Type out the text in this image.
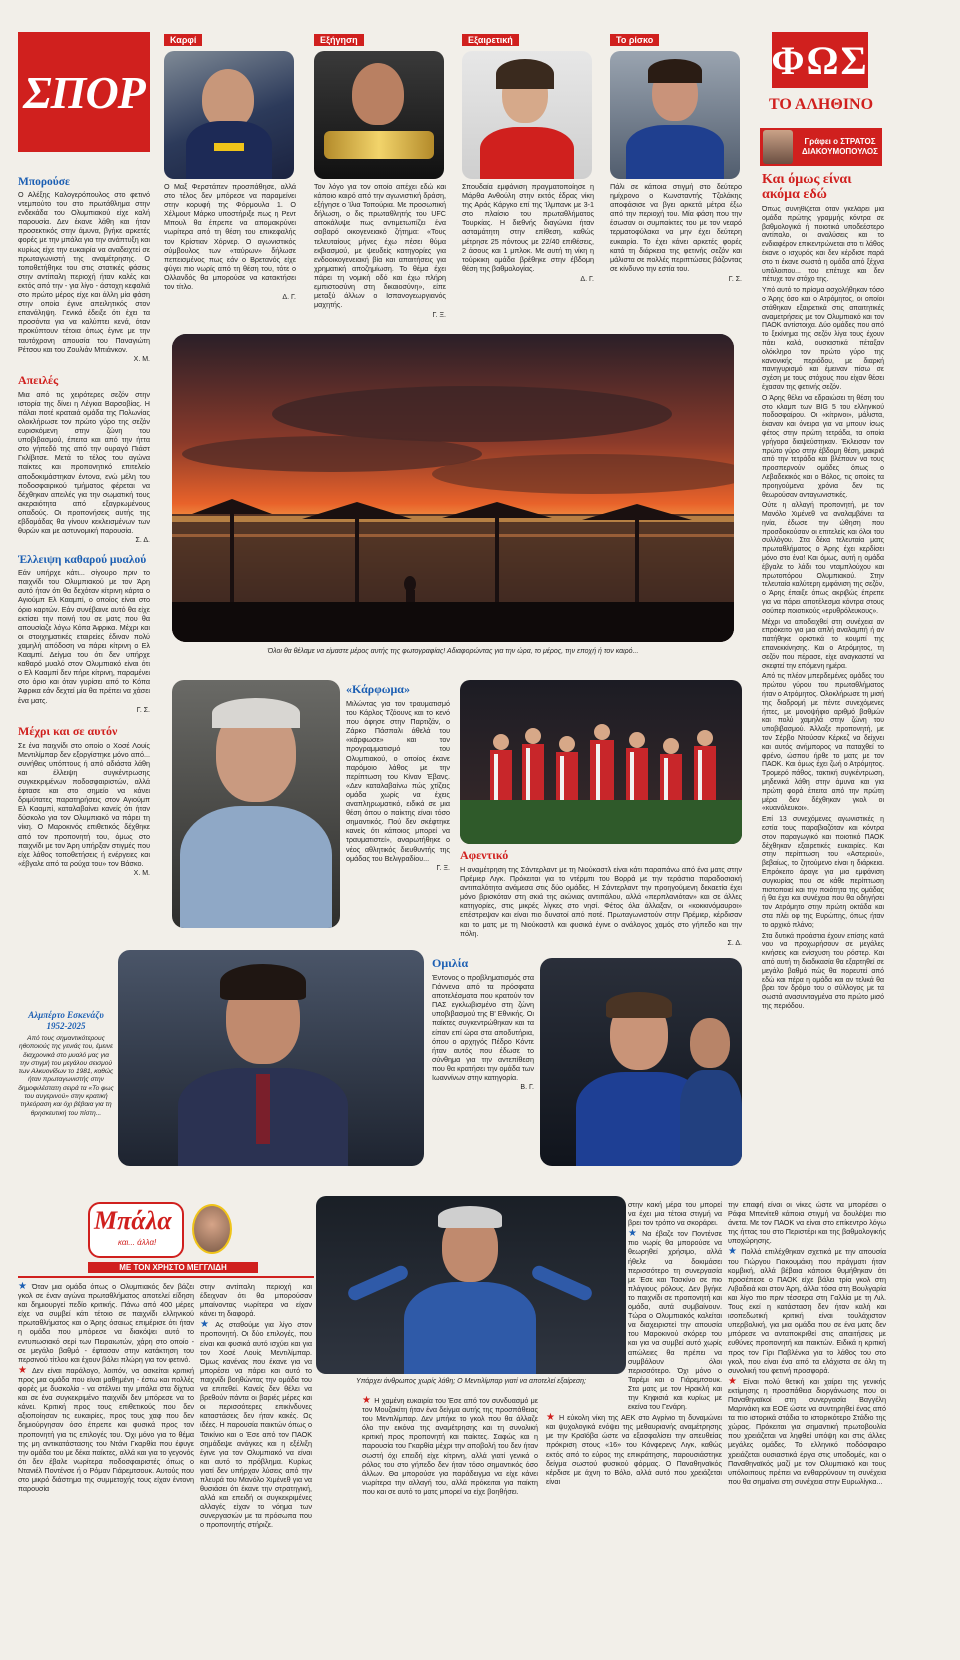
ΣΠΟΡ
Καρφί	Εξήγηση	Εξαιρετική	Το ρίσκο

Ο Μαξ Φερστάπεν προσπάθησε, αλλά στο τέλος δεν μπόρεσε να παραμείνει στην κορυφή της Φόρμουλα 1. Ο Χέλμουτ Μάρκο υποστήριξε πως η Ρεντ Μπουλ θα έπρεπε να απομακρύνει νωρίτερα από τη θέση του επικεφαλής τον Κρίστιαν Χόρνερ. Ο αγωνιστικός σύμβουλος των «ταύρων» δήλωσε πεπεισμένος πως εάν ο Βρετανός είχε φύγει πιο νωρίς από τη θέση του, τότε ο Ολλανδός θα μπορούσε να κατακτήσει τον τίτλο.

Δ. Γ.

Τον λόγο για τον οποίο απέχει εδώ και κάποιο καιρό από την αγωνιστική δράση, εξήγησε ο Ίλια Τοπούρια. Με προσωπική δήλωση, ο δις πρωταθλητής του UFC αποκάλυψε πως αντιμετωπίζει ένα σοβαρό οικογενειακό ζήτημα: «Τους τελευταίους μήνες έχω πέσει θύμα εκβιασμού, με ψευδείς κατηγορίες για ενδοοικογενειακή βία και απαιτήσεις για χρηματική αποζημίωση. Το θέμα έχει πάρει τη νομική οδό και έχω πλήρη εμπιστοσύνη στη δικαιοσύνη», είπε μεταξύ άλλων ο Ισπανογεωργιανός μαχητής.

Γ. Ξ.

Σπουδαία εμφάνιση πραγματοποίησε η Μάρθα Ανθούλη στην εκτός έδρας νίκη της Αράς Κάργκο επί της Ίλμπανκ με 3-1 στο πλαίσιο του πρωταθλήματος Τουρκίας. Η διεθνής διαγώνια ήταν ασταμάτητη στην επίθεση, καθώς μέτρησε 25 πόντους με 22/40 επιθέσεις, 2 άσους και 1 μπλοκ. Με αυτή τη νίκη η τούρκικη ομάδα βρέθηκε στην έβδομη θέση της βαθμολογίας.

Δ. Γ.

Πάλι σε κάποια στιγμή στο δεύτερο ημίχρονο ο Κωνσταντής Τζολάκης αποφάσισε να βγει αρκετά μέτρα έξω από την περιοχή του. Μία φάση που την έσωσαν οι συμπαίκτες του με τον νεαρό τερματοφύλακα να μην έχει δεύτερη ευκαιρία. Το έχει κάνει αρκετές φορές κατά τη διάρκεια της φετινής σεζόν και μάλιστα σε πολλές περιπτώσεις βάζοντας σε κίνδυνο την εστία του.

Γ. Σ.
ΦΩΣ
ΤΟ ΑΛΗΘΙΝΟ
Γράφει ο ΣΤΡΑΤΟΣ ΔΙΑΚΟΥΜΟΠΟΥΛΟΣ
Και όμως είναι ακόμα εδώ

Όπως συνηθίζεται όταν γκελάρει μια ομάδα πρώτης γραμμής κόντρα σε βαθμολογικά ή ποιοτικά υποδεέστερο αντίπαλο, οι αναλύσεις και το ενδιαφέρον επικεντρώνεται στο τι λάθος έκανε ο ισχυρός και δεν κέρδισε παρά στο τι έκανε σωστά η ομάδα από ξέχνα υπόλοιπου... του επέτυχε και δεν πέτυχε τον στόχο της.

Υπό αυτό το πρίσμα ασχολήθηκαν τόσο ο Άρης όσο και ο Ατρόμητος, οι οποίοι στάθηκαν εξαιρετικά στις απαιτητικές αναμετρήσεις με τον Ολυμπιακό και τον ΠΑΟΚ αντίστοιχα. Δύο ομάδες που από το ξεκίνημα της σεζόν λίγα τους έχουν πάει καλά, ουσιαστικά πέταξαν ολόκληρο τον πρώτο γύρο της κανονικής περιόδου, με διαρκή πανηγυρισμό και έμειναν πίσω σε σχέση με τους στόχους που είχαν θέσει έχασαν της φετινής σεζόν.

Ο Άρης θέλει να εδραιώσει τη θέση του στο κλαμπ των BIG 5 του ελληνικού ποδοσφαίρου. Οι «κίτρινοι», μάλιστα, έκαναν και όνειρα για να μπουν ίσως φέτος στην πρώτη τετράδα, τα οποία γρήγορα διαψεύστηκαν. Έκλεισαν τον πρώτο γύρο στην έβδομη θέση, μακριά από την τετράδα και βλέπουν να τους προσπερνούν ομάδες όπως ο Λεβαδειακός και ο Βόλος, τις οποίες τα προηγούμενα χρόνια δεν τις θεωρούσαν ανταγωνιστικές.

Ούτε η αλλαγή προπονητή, με τον Μανόλο Χιμένεθ να αναλαμβάνει τα ηνία, έδωσε την ώθηση που προσδοκούσαν οι επιτελείς και όλοι του συλλόγου. Στα δέκα τελευταία ματς πρωταθλήματος ο Άρης έχει κερδίσει μόνο στο ένα! Και όμως, αυτή η ομάδα έβγαλε το λάδι του νταμπλούχου και πρωτοπόρου Ολυμπιακού. Στην τελευταία καλύτερη εμφάνιση της σεζόν, ο Άρης έπαιξε όπως ακριβώς έπρεπε για να πάρει αποτέλεσμα κόντρα στους σούπερ ποιοτικούς «ερυθρόλευκους».

Μέχρι να αποδειχθεί στη συνέχεια αν επρόκειτο για μια απλή αναλαμπή ή αν πατήθηκε οριστικά το κουμπί της επανεκκίνησης. Και ο Ατρόμητος, τη σεζόν που πέρασε, είχε αναγκαστεί να σκεφτεί την επόμενη ημέρα.

Από τις πλέον μπερδεμένες ομάδες του πρώτου γύρου του πρωταθλήματος ήταν ο Ατρόμητος. Ολοκλήρωσε τη μισή της διαδρομή με πέντε συνεχόμενες ήττες, με μονοψήφιο αριθμό βαθμών και πολύ χαμηλά στην ζώνη του υποβιβασμού. Άλλαξε προπονητή, με τον Σέρβο Ντούσαν Κέρκεζ να δείχνει και αυτός ανήμπορος να παταχθεί το φρένο, ώσπου ήρθε το ματς με τον ΠΑΟΚ. Και όμως έχει ζωή ο Ατρόμητος. Τρομερό πάθος, τακτική συγκέντρωση, μηδενικά λάθη στην άμυνα και για πρώτη φορά έπειτα από την πρώτη μέρα δεν δέχθηκαν γκολ οι «κυανόλευκοι».

Επί 13 συνεχόμενες αγωνιστικές η εστία τους παραβιαζόταν και κόντρα στον παραγωγικό και ποιοτικό ΠΑΟΚ δέχθηκαν εξαιρετικές ευκαιρίες. Και στην περίπτωση του «Αστεριού», βεβαίως, το ζητούμενο είναι η διάρκεια. Επρόκειτο άραγε για μια εμφάνιση συγκυρίας που σε κάθε περίπτωση πιστοποιεί και την ποιότητα της ομάδας ή θα έχει και συνέχεια που θα οδηγήσει τον Ατρόμητο στην πρώτη οκτάδα και στα πλέι οφ της Ευρώπης, όπως ήταν το αρχικό πλάνο;

Στα δυτικά προάστια έχουν επίσης κατά νου να προχωρήσουν σε μεγάλες κινήσεις και ενίσχυση του ρόστερ. Και από αυτή τη διαδικασία θα εξαρτηθεί σε μεγάλο βαθμό πώς θα πορευτεί από εδώ και πέρα η ομάδα και αν τελικά θα βρει τον δρόμο του ο σύλλογος με τα σωστά ανασυνταγμένα στο πρώτο μισό της περιόδου.

Μπορούσε
Ο Αλέξης Καλογερόπουλος στο φετινό ντεμπούτο του στο πρωτάθλημα στην ενδεκάδα του Ολυμπιακού είχε καλή παρουσία. Δεν έκανε λάθη και ήταν προσεκτικός στην άμυνα, βγήκε αρκετές φορές με την μπάλα για την ανάπτυξη και κυρίως είχε την ευκαιρία να αναδειχτεί σε πρωταγωνιστή της αναμέτρησης. Ο τοποθετήθηκε του στις στατικές φάσεις στην αντίπαλη περιοχή ήταν καλές και εκτός από την - για λίγο - άστοχη κεφαλιά στο πρώτο μέρος είχε και άλλη μία φάση στην οποία έγινε απειλητικός στον επανάληψη. Γενικά έδειξε ότι έχει τα προσόντα για να καλύπτει κενά, όταν προκύπτουν τέτοια όπως έγινε με την ταυτόχρονη απουσία του Παναγιώτη Ρέτσου και του Ζουλιάν Μπιάνκον.
Χ. Μ.
Απειλές
Μια από τις χειρότερες σεζόν στην ιστορία της δίνει η Λέγκια Βαρσοβίας. Η πάλαι ποτέ κραταιά ομάδα της Πολωνίας ολοκλήρωσε τον πρώτο γύρο της σεζόν ευρισκόμενη στην ζώνη του υποβιβασμού, έπειτα και από την ήττα στο γήπεδό της από την ουραγό Πιάστ Γκλίβιτσε. Μετά το τέλος του αγώνα παίκτες και προπονητικό επιτελείο αποδοκιμάστηκαν έντονα, ενώ μέλη του ποδοσφαιρικού τμήματος φέρεται να δέχθηκαν απειλές για την σωματική τους ακεραιότητα από εξαγριωμένους οπαδούς. Οι προπονήσεις αυτής της εβδομάδας θα γίνουν κεκλεισμένων των θυρών και με αστυνομική παρουσία.
Σ. Δ.
Έλλειψη καθαρού μυαλού
Εάν υπήρχε κάτι... σίγουρο πριν το παιχνίδι του Ολυμπιακού με τον Άρη αυτό ήταν ότι θα δεχόταν κίτρινη κάρτα ο Αγιούμπ Ελ Κααμπί, ο οποίος είναι στο όριο καρτών. Εάν συνέβαινε αυτό θα είχε εκτίσει την ποινή του σε ματς που θα απουσίαζε λόγω Κόπα Άφρικα. Μέχρι και οι στοιχηματικές εταιρείες έδιναν πολύ χαμηλή απόδοση να πάρει κίτρινη ο Ελ Κααμπί. Δείγμα του ότι δεν υπήρχε καθαρό μυαλό στον Ολυμπιακό είναι ότι ο Ελ Κααμπί δεν πήρε κίτρινη, παραμένει στο όριο και όταν γυρίσει από το Κόπα Άφρικα εάν δεχτεί μία θα πρέπει να χάσει ένα ματς.
Γ. Σ.
Μέχρι και σε αυτόν
Σε ένα παιχνίδι στο οποίο ο Χοσέ Λουίς Μεντιλίμπαρ δεν εξοργίστηκε μόνο από... συνήθεις υπόπτους ή από αδιάστα λάθη και έλλειψη συγκέντρωσης συγκεκριμένων ποδοσφαιριστών, αλλά έφτασε και στο σημείο να κάνει δριμύτατες παρατηρήσεις στον Αγιούμπ Ελ Κααμπί, καταλαβαίνει κανείς ότι ήταν δύσκολο για τον Ολυμπιακό να πάρει τη νίκη. Ο Μαροκινός επιθετικός δέχθηκε από τον προπονητή του, όμως στο παιχνίδι με τον Άρη υπήρξαν στιγμές που είχε λάθος τοποθετήσεις ή ενέργειες και «έβγαλε από τα ρούχα του» τον Βάσκο.
Χ. Μ.
Αλμπέρτο Εσκενάζυ 1952-2025
Από τους σημαντικότερους ηθοποιούς της γενιάς του, έμεινε διαχρονικά στο μυαλό μας για την στιγμή του μεγάλου σεισμού των Αλκυονίδων το 1981, καθώς ήταν πρωταγωνιστής στην δημοφιλέστατη σειρά τα «Το φως του αυγερινού» στην κρατική τηλεόραση και όχι βέβαια για τη θρησκευτική του πίστη...
Όλοι θα θέλαμε να είμαστε μέρος αυτής της φωτογραφίας! Αδιαφορώντας για την ώρα, το μέρος, την εποχή ή τον καιρό...
«Κάρφωμα»
Μιλώντας για τον τραυματισμό του Κάρλος Τζόουνς και το κενό που άφησε στην Παρτιζάν, ο Ζάρκο Πάσπαλι άθελά του «κάρφωσε» και τον προγραμματισμό του Ολυμπιακού, ο οποίος έκανε παρόμοιο λάθος με την περίπτωση του Κίναν Έβανς. «Δεν καταλαβαίνω πώς χτίζεις ομάδα χωρίς να έχεις αναπληρωματικό, ειδικά σε μια θέση όπου ο παίκτης είναι τόσο σημαντικός. Πού δεν σκέφτηκε κανείς ότι κάποιος μπορεί να τραυματιστεί», αναρωτήθηκε ο νέος αθλητικός διευθυντής της ομάδας του Βελιγραδίου...
Γ. Ξ.
Αφεντικό
Η αναμέτρηση της Σάντερλαντ με τη Νιούκαστλ είναι κάτι παραπάνω από ένα ματς στην Πρέμιερ Λιγκ. Πρόκειται για το ντέρμπι του Βορρά με την τεράστια παραδοσιακή αντιπαλότητα ανάμεσα στις δύο ομάδες. Η Σάντερλαντ την προηγούμενη δεκαετία έχει μόνο βρισκόταν στη σκιά της αιώνιας αντιπάλου, αλλά «περπλανιόταν» και σε άλλες κατηγορίες, στις μικρές λίγκες στο νησί. Φέτος όλα άλλαξαν, οι «κοκκινόμαυροι» επέστρεψαν και είναι πιο δυνατοί από ποτέ. Πρωταγωνιστούν στην Πρέμιερ, κέρδισαν και το ματς με τη Νιούκαστλ και φυσικά έγινε ο ανάλογος χαμός στο γήπεδο και την πόλη.
Σ. Δ.
Ομιλία
Έντονος ο προβληματισμός στα Γιάννενα από τα πρόσφατα αποτελέσματα που κρατούν τον ΠΑΣ εγκλωβισμένο στη ζώνη υποβιβασμού της Β' Εθνικής. Οι παίκτες συγκεντρώθηκαν και τα είπαν επί ώρα στα αποδυτήρια, όπου ο αρχηγός Πέδρο Κόντε ήταν αυτός που έδωσε το σύνθημα για την αντεπίθεση που θα κρατήσει την ομάδα των Ιωαννίνων στην κατηγορία.
Β. Γ.
Μπάλα
και... άλλα!
ΜΕ ΤΟΝ ΧΡΗΣΤΟ ΜΕΓΓΛΙΔΗ
Υπάρχει άνθρωπος χωρίς λάθη; Ο Μεντιλίμπαρ γιατί να αποτελεί εξαίρεση;

★ Όταν μια ομάδα όπως ο Ολυμπιακός δεν βάζει γκολ σε έναν αγώνα πρωταθλήματος αποτελεί είδηση και δημιουργεί πεδίο κριτικής. Πάνω από 400 μέρες είχε να συμβεί κάτι τέτοιο σε παιχνίδι ελληνικού πρωταθλήματος και ο Άρης όσαιως επιμέρισε ότι ήταν η ομάδα που μπόρεσε να διακόψει αυτό το εντυπωσιακό σερί των Πειραιωτών, χάρη στο οποίο - σε μεγάλο βαθμό - έφτασαν στην κατάκτηση του περσινού τίτλου και έχουν βάλει πλώρη για τον φετινό.

★ Δεν είναι παράλογο, λοιπόν, να ασκείται κριτική προς μια ομάδα που είναι μαθημένη - έστω και πολλές φορές με δυσκολία - να στέλνει την μπάλα στα δίχτυα και σε ένα συγκεκριμένο παιχνίδι δεν μπόρεσε να το κάνει. Κριτική προς τους επιθετικούς που δεν αξιοποίησαν τις ευκαιρίες, προς τους χαφ που δεν δημιούργησαν όσο έπρεπε και φυσικά προς τον προπονητή για τις επιλογές του. Όχι μόνο για το θέμα της μη αντικατάστασης του Ντάνι Γκαρθία που έφυγε την ομάδα του με δέκα παίκτες, αλλά και για το γεγονός ότι δεν έβαλε νωρίτερα ποδοσφαιριστές όπως ο Ντανιέλ Ποντένσε ή ο Ρόμαν Γιάρεμτσουκ. Αυτούς που στο μικρό διάστημα της συμμετοχής τους είχαν έντονη παρουσία

στην αντίπαλη περιοχή και έδειχναν ότι θα μπορούσαν μπαίνοντας νωρίτερα να είχαν κάνει τη διαφορά.

★ Ας σταθούμε για λίγο στον προπονητή. Οι δύο επιλογές, που είναι και φυσικά αυτό ισχύει και για τον Χοσέ Λουίς Μεντιλίμπαρ. Όμως κανένας που έκανε για να μπορέσει να πάρει και αυτό το παιχνίδι βοηθώντας την ομάδα του να επιτεθεί. Κανείς δεν θέλει να βρεθούν πάντα οι βαριές μέρες και οι περισσότερες επικίνδυνες καταστάσεις δεν ήταν κακές. Ως ιδέες. Η παρουσία παικτών όπως ο Τσικίνιο και ο Έσε από τον ΠΑΟΚ σημάδεψε ανάγκες και η εξέλιξη έγινε για τον Ολυμπιακό να είναι και αυτό το πρόβλημα. Κυρίως γιατί δεν υπήρχαν λύσεις από την πλευρά του Μανόλο Χιμένεθ για να θυσιάσει ότι έκανε την στρατηγική, αλλά και επειδή οι συγκεκριμένες αλλαγές είχαν το νόημα των συνεργασιών με τα πρόσωπα που ο προπονητής στήριζε.

★ Η χαμένη ευκαιρία του Έσε από τον συνδυασμό με τον Μουζακίτη ήταν ένα δείγμα αυτής της προσπάθειας του Μεντιλίμπαρ. Δεν μπήκε το γκολ που θα άλλαζε όλο την εικόνα της αναμέτρησης και τη συνολική κριτική προς προπονητή και παίκτες. Σαφώς και η παρουσία του Γκαρθία μέχρι την αποβολή του δεν ήταν σωστή όχι επειδή είχε κίτρινη, αλλά γιατί γενικά ο ρόλος του στο γήπεδο δεν ήταν τόσο σημαντικός όσο άλλων. Θα μπορούσε για παράδειγμα να είχε κάνει νωρίτερα την αλλαγή του, αλλά πρόκειται για παίκτη που και σε αυτό το ματς μπορεί να είχε βοηθήσει.

στην κακή μέρα του μπορεί να έχει μια τέτοια στιγμή να βρει τον τρόπο να σκοράρει.

★ Να έβαζε τον Ποντένσε πιο νωρίς θα μπορούσε να θεωρηθεί χρήσιμο, αλλά ήθελε να δοκιμάσει περισσότερο τη συνεργασία με Έσε και Τασκίνο σε πιο πλάγιους ρόλους. Δεν βγήκε το παιχνίδι σε προπονητή και ομάδα, αυτά συμβαίνουν. Τώρα ο Ολυμπιακός καλείται να διαχειριστεί την απουσία του Μαροκινού σκόρερ του και για να συμβεί αυτό χωρίς απώλειες θα πρέπει να συμβάλουν όλοι περισσότερο. Όχι μόνο ο Ταρέμι και ο Γιάρεμτσουκ. Στα ματς με τον Ηρακλή και την Κηφισιά και κυρίως με εκείνα του Γενάρη.

★ Η εύκολη νίκη της ΑΕΚ στο Αγρίνιο τη δυναμώνει και ψυχολογικά ενόψει της μεθαυριανής αναμέτρησης με την Κραϊόβα ώστε να εξασφαλίσει την απευθείας πρόκριση στους «16» του Κόνφερενς Λιγκ, καθώς εκτός από το εύρος της επικράτησης, παρουσιάστηκε δείγμα σωστού φυσικού φόρμας. Ο Παναθηναϊκός κέρδισε με άχνη το Βόλο, αλλά αυτό που χρειάζεται είναι

την επαφή είναι οι νίκες ώστε να μπορέσει ο Ράφα Μπενίτεθ κάποια στιγμή να δουλέψει πιο άνετα. Με τον ΠΑΟΚ να είναι στο επίκεντρο λόγω της ήττας του στο Περιστέρι και της βαθμολογικής υποχώρησης.

★ Πολλά επιλέχθηκαν σχετικά με την απουσία του Γιώργου Γιακουμάκη που πράγματι ήταν κομβική, αλλά βέβαια κάποιοι θυμήθηκαν ότι προσέπεσε ο ΠΑΟΚ είχε βάλει τρία γκολ στη Λιβαδειά και στον Άρη, άλλα τόσα στη Βουλγαρία και λίγο πιο πριν τέσσερα στη Γαλλία με τη Λιλ. Τους εκεί η κατάσταση δεν ήταν καλή και ισοπεδωτική κριτική είναι τουλάχιστον υπερβολική, για μια ομάδα που σε ένα ματς δεν μπόρεσε να ανταποκριθεί στις απαιτήσεις με ευθύνες προπονητή και παικτών. Ειδικά η κριτική προς τον Γίρι Παβλένκα για το λάθος του στο γκολ, που είναι ένα από τα ελάχιστα σε όλη τη συνολική του φετινή προσφορά.

★ Είναι πολύ θετική και χαίρει της γενικής εκτίμησης η προσπάθεια διοργάνωσης που οι Παναθηναϊκοί στη συνεργασία Βαγγέλη Μαρινάκη και ΕΟΕ ώστε να συντηρηθεί ένας από τα πιο ιστορικά στάδια το ιστορικότερο Στάδιο της χώρας. Πρόκειται για σημαντική πρωτοβουλία που χρειάζεται να ληφθεί υπόψη και στις άλλες μεγάλες ομάδες. Το ελληνικό ποδόσφαιρο χρειάζεται ουσιαστικά έργα στις υποδομές, και ο Παναθηναϊκός μαζί με τον Ολυμπιακό και τους υπόλοιπους πρέπει να ενθαρρύνουν τη συνέχεια που θα σημαίνει στη συνέχεια στην Ευρωλίγκα...
